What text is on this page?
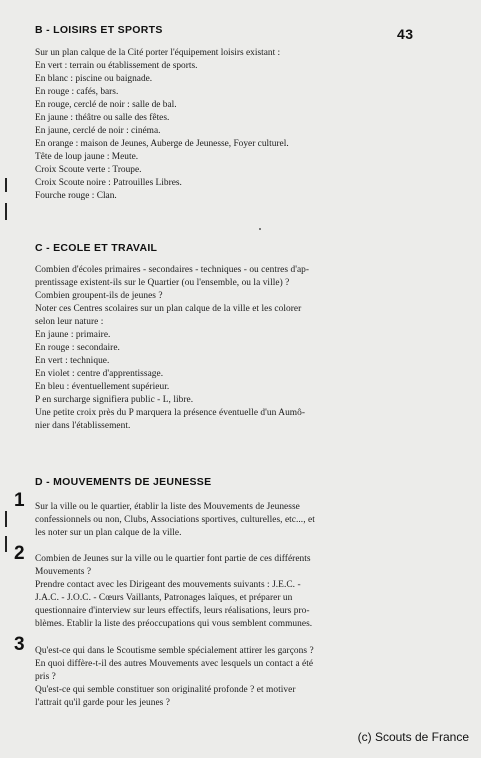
43
B - LOISIRS ET SPORTS
Sur un plan calque de la Cité porter l'équipement loisirs existant :
En vert : terrain ou établissement de sports.
En blanc : piscine ou baignade.
En rouge : cafés, bars.
En rouge, cerclé de noir : salle de bal.
En jaune : théâtre ou salle des fêtes.
En jaune, cerclé de noir : cinéma.
En orange : maison de Jeunes, Auberge de Jeunesse, Foyer culturel.
Tête de loup jaune : Meute.
Croix Scoute verte : Troupe.
Croix Scoute noire : Patrouilles Libres.
Fourche rouge : Clan.
C - ECOLE ET TRAVAIL
Combien d'écoles primaires - secondaires - techniques - ou centres d'ap-
prentissage existent-ils sur le Quartier (ou l'ensemble, ou la ville) ?
Combien groupent-ils de jeunes ?
Noter ces Centres scolaires sur un plan calque de la ville et les colorer
selon leur nature :
En jaune : primaire.
En rouge : secondaire.
En vert : technique.
En violet : centre d'apprentissage.
En bleu : éventuellement supérieur.
P en surcharge signifiera public - L, libre.
Une petite croix près du P marquera la présence éventuelle d'un Aumô-
nier dans l'établissement.
D - MOUVEMENTS DE JEUNESSE
1 Sur la ville ou le quartier, établir la liste des Mouvements de Jeunesse
confessionnels ou non, Clubs, Associations sportives, culturelles, etc..., et
les noter sur un plan calque de la ville.
2 Combien de Jeunes sur la ville ou le quartier font partie de ces différents
Mouvements ?
Prendre contact avec les Dirigeant des mouvements suivants : J.E.C. -
J.A.C. - J.O.C. - Cœurs Vaillants, Patronages laïques, et préparer un
questionnaire d'interview sur leurs effectifs, leurs réalisations, leurs pro-
blèmes. Etablir la liste des préoccupations qui vous semblent communes.
3 Qu'est-ce qui dans le Scoutisme semble spécialement attirer les garçons ?
En quoi diffère-t-il des autres Mouvements avec lesquels un contact a été
pris ?
Qu'est-ce qui semble constituer son originalité profonde ? et motiver
l'attrait qu'il garde pour les jeunes ?
(c) Scouts de France
